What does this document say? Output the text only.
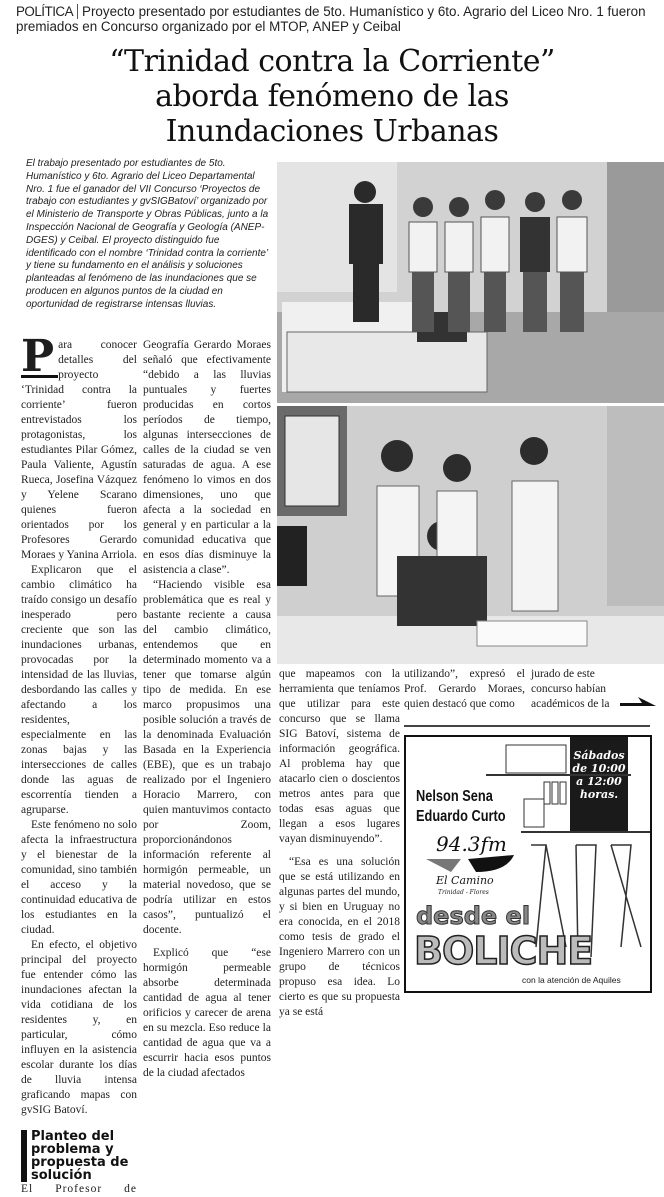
POLÍTICA Proyecto presentado por estudiantes de 5to. Humanístico y 6to. Agrario del Liceo Nro. 1 fueron premiados en Concurso organizado por el MTOP, ANEP y Ceibal
“Trinidad contra la Corriente”
aborda fenómeno de las
Inundaciones Urbanas
El trabajo presentado por estudiantes de 5to. Humanístico y 6to. Agrario del Liceo Departamental Nro. 1 fue el ganador del VII Concurso ‘Proyectos de trabajo con estudiantes y gvSIGBatoví’ organizado por el Ministerio de Transporte y Obras Públicas, junto a la Inspección Nacional de Geografía y Geología (ANEP-DGES) y Ceibal. El proyecto distinguido fue identificado con el nombre ‘Trinidad contra la corriente’ y tiene su fundamento en el análisis y soluciones planteadas al fenómeno de las inundaciones que se producen en algunos puntos de la ciudad en oportunidad de registrarse intensas lluvias.

P ara conocer detalles del proyecto ‘Trinidad contra la corriente’ fueron entrevistados los protagonistas, los estudiantes Pilar Gómez, Paula Valiente, Agustín Rueca, Josefina Vázquez y Yelene Scarano quienes fueron orientados por los Profesores Gerardo Moraes y Yanina Arriola.

Explicaron que el cambio climático ha traído consigo un desafío inesperado pero creciente que son las inundaciones urbanas, provocadas por la intensidad de las lluvias, desbordando las calles y afectando a los residentes, especialmente en las zonas bajas y las intersecciones de calles donde las aguas de escorrentía tienden a agruparse.

Este fenómeno no solo afecta la infraestructura y el bienestar de la comunidad, sino también el acceso y la continuidad educativa de los estudiantes en la ciudad.

En efecto, el objetivo principal del proyecto fue entender cómo las inundaciones afectan la vida cotidiana de los residentes y, en particular, cómo influyen en la asistencia escolar durante los días de lluvia intensa graficando mapas con gvSIG Batoví.

Planteo del problema y propuesta de solución

El Profesor de

Geografía Gerardo Moraes señaló que efectivamente “debido a las lluvias puntuales y fuertes producidas en cortos períodos de tiempo, algunas intersecciones de calles de la ciudad se ven saturadas de agua. A ese fenómeno lo vimos en dos dimensiones, uno que afecta a la sociedad en general y en particular a la comunidad educativa que en esos días disminuye la asistencia a clase”.

“Haciendo visible esa problemática que es real y bastante reciente a causa del cambio climático, entendemos que en determinado momento va a tener que tomarse algún tipo de medida. En ese marco propusimos una posible solución a través de la denominada Evaluación Basada en la Experiencia (EBE), que es un trabajo realizado por el Ingeniero Horacio Marrero, con quien mantuvimos contacto por Zoom, proporcionándonos información referente al hormigón permeable, un material novedoso, que se podría utilizar en estos casos”, puntualizó el docente.

Explicó que “ese hormigón permeable absorbe determinada cantidad de agua al tener orificios y carecer de arena en su mezcla. Eso reduce la cantidad de agua que va a escurrir hacia esos puntos de la ciudad afectados

que mapeamos con la herramienta que teníamos que utilizar para este concurso que se llama SIG Batoví, sistema de información geográfica. Al problema hay que atacarlo cien o doscientos metros antes para que todas esas aguas que llegan a esos lugares vayan disminuyendo”.

“Esa es una solución que se está utilizando en algunas partes del mundo, y si bien en Uruguay no era conocida, en el 2018 como tesis de grado el Ingeniero Marrero con un grupo de técnicos propuso esa idea. Lo cierto es que su propuesta ya se está

utilizando”, expresó el Prof. Gerardo Moraes, quien destacó que como

jurado de este concurso habían académicos de la

Nelson Sena
Eduardo Curto
Sábados
de 10:00
a 12:00
horas.
94.3fm
El Camino
Trinidad - Flores
desde el
BOLICHE
con la atención de Aquiles
